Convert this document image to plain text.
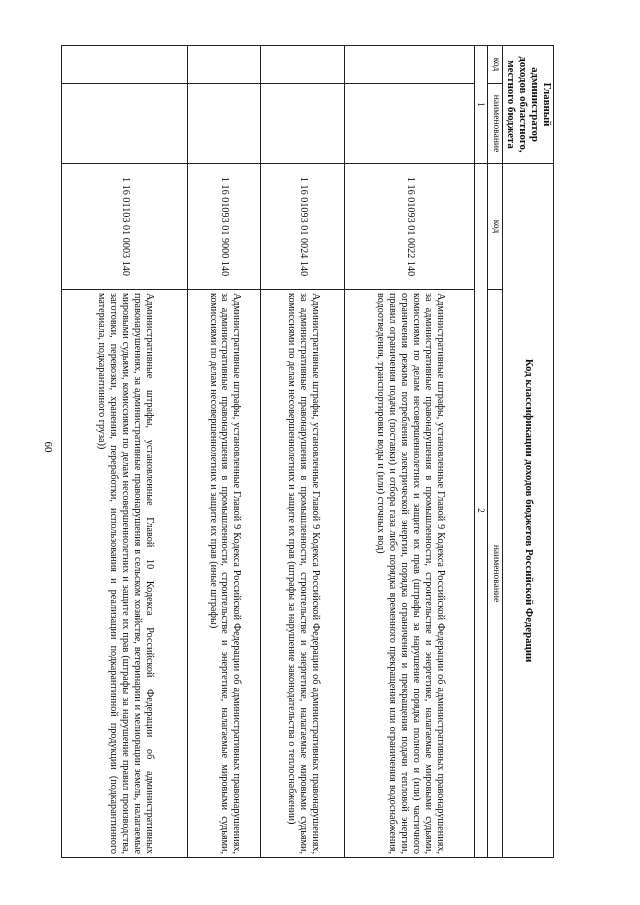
60
Главный администратор доходов областного, местного бюджета		Код классификации доходов бюджетов Российской Федерации	
код	наименование	код	наименование
1		2	
		1 16 01093 01 0022 140	Административные штрафы, установленные Главой 9 Кодекса Российской Федерации об административных правонарушениях, за административные правонарушения в промышленности, строительстве и энергетике, налагаемые мировыми судьями, комиссиями по делам несовершеннолетних и защите их прав (штрафы за нарушение порядка полного и (или) частичного ограничения режима потребления электрической энергии, порядка ограничения и прекращения подачи тепловой энергии, правил ограничения подачи (поставки) и отбора газа либо порядка временного прекращения или ограничения водоснабжения, водоотведения, транспортировки воды и (или) сточных вод)
		1 16 01093 01 0024 140	Административные штрафы, установленные Главой 9 Кодекса Российской Федерации об административных правонарушениях, за административные правонарушения в промышленности, строительстве и энергетике, налагаемые мировыми судьями, комиссиями по делам несовершеннолетних и защите их прав (штрафы за нарушение законодательства о теплоснабжении)
		1 16 01093 01 9000 140	Административные штрафы, установленные Главой 9 Кодекса Российской Федерации об административных правонарушениях, за административные правонарушения в промышленности, строительстве и энергетике, налагаемые мировыми судьями, комиссиями по делам несовершеннолетних и защите их прав (иные штрафы)
		1 16 01103 01 0003 140	Административные штрафы, установленные Главой 10 Кодекса Российской Федерации об административных правонарушениях, за административные правонарушения в сельском хозяйстве, ветеринарии и мелиорации земель, налагаемые мировыми судьями, комиссиями по делам несовершеннолетних и защите их прав (штрафы за нарушение правил производства, заготовки, перевозки, хранения, переработки, использования и реализации подкарантинной продукции (подкарантинного материала, подкарантинного груза))
